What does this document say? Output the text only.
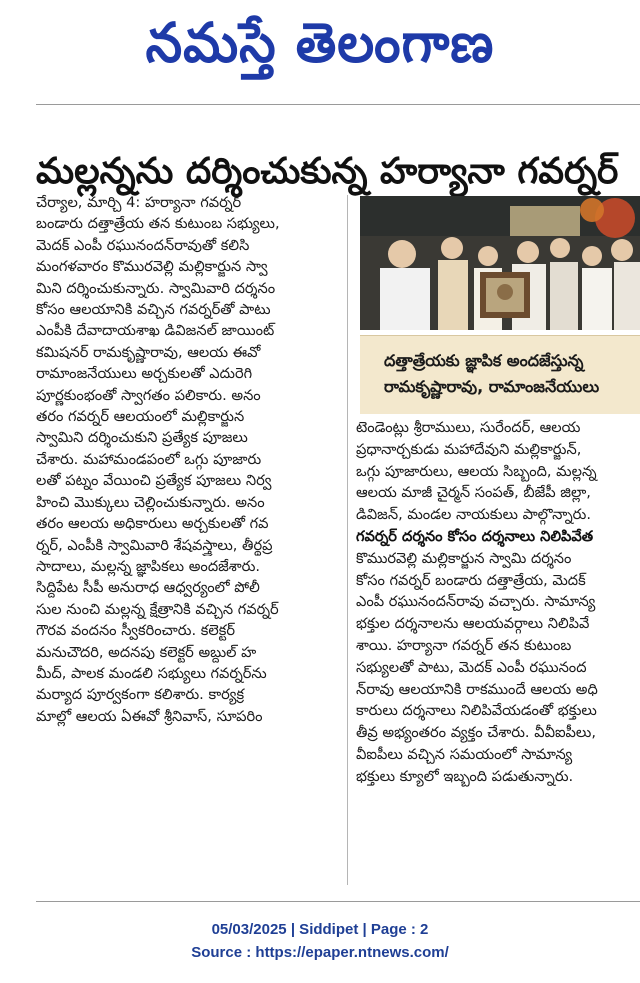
నమస్తే తెలంగాణ
మల్లన్నను దర్శించుకున్న హర్యానా గవర్నర్

చేర్యాల, మార్చి 4: హర్యానా గవర్నర్

బండారు దత్తాత్రేయ తన కుటుంబ సభ్యులు,

మెదక్ ఎంపీ రఘునందన్‌రావుతో కలిసి

మంగళవారం కొమురవెల్లి మల్లికార్జున స్వా

మిని దర్శించుకున్నారు. స్వామివారి దర్శనం

కోసం ఆలయానికి వచ్చిన గవర్నర్‌తో పాటు

ఎంపీకి దేవాదాయశాఖ డివిజనల్ జాయింట్

కమిషనర్ రామకృష్ణారావు, ఆలయ ఈవో

రామాంజనేయులు అర్చకులతో ఎదురెగి

పూర్ణకుంభంతో స్వాగతం పలికారు. అనం

తరం గవర్నర్ ఆలయంలో మల్లికార్జున

స్వామిని దర్శించుకుని ప్రత్యేక పూజలు

చేశారు. మహామండపంలో ఒగ్గు పూజారు

లతో పట్నం వేయించి ప్రత్యేక పూజలు నిర్వ

హించి మొక్కులు చెల్లించుకున్నారు. అనం

తరం ఆలయ అధికారులు అర్చకులతో గవ

ర్నర్, ఎంపీకి స్వామివారి శేషవస్త్రాలు, తీర్థప్ర

సాదాలు, మల్లన్న జ్ఞాపికలు అందజేశారు.

సిద్దిపేట సీపీ అనురాధ ఆధ్వర్యంలో పోలీ

సుల నుంచి మల్లన్న క్షేత్రానికి వచ్చిన గవర్నర్

గౌరవ వందనం స్వీకరించారు. కలెక్టర్

మనుచౌదరి, అదనపు కలెక్టర్ అబ్దుల్ హ

మీద్, పాలక మండలి సభ్యులు గవర్నర్‌ను

మర్యాద పూర్వకంగా కలిశారు. కార్యక్ర

మాల్లో ఆలయ ఏఈవో శ్రీనివాస్, సూపరిం

దత్తాత్రేయకు జ్ఞాపిక అందజేస్తున్న
రామకృష్ణారావు, రామాంజనేయులు

టెండెంట్లు శ్రీరాములు, సురేందర్, ఆలయ

ప్రధానార్చకుడు మహాదేవుని మల్లికార్జున్,

ఒగ్గు పూజారులు, ఆలయ సిబ్బంది, మల్లన్న

ఆలయ మాజీ చైర్మన్ సంపత్, బీజేపీ జిల్లా,

డివిజన్, మండల నాయకులు పాల్గొన్నారు.

గవర్నర్ దర్శనం కోసం దర్శనాలు నిలిపివేత

కొమురవెల్లి మల్లికార్జున స్వామి దర్శనం

కోసం గవర్నర్ బండారు దత్తాత్రేయ, మెదక్

ఎంపీ రఘునందన్‌రావు వచ్చారు. సామాన్య

భక్తుల దర్శనాలను ఆలయవర్గాలు నిలిపివే

శాయి. హర్యానా గవర్నర్ తన కుటుంబ

సభ్యులతో పాటు, మెదక్ ఎంపీ రఘునంద

న్‌రావు ఆలయానికి రాకముందే ఆలయ అధి

కారులు దర్శనాలు నిలిపివేయడంతో భక్తులు

తీవ్ర అభ్యంతరం వ్యక్తం చేశారు. వీవీఐపీలు,

వీఐపీలు వచ్చిన సమయంలో సామాన్య

భక్తులు క్యూలో ఇబ్బంది పడుతున్నారు.

05/03/2025 | Siddipet | Page : 2
Source : https://epaper.ntnews.com/
